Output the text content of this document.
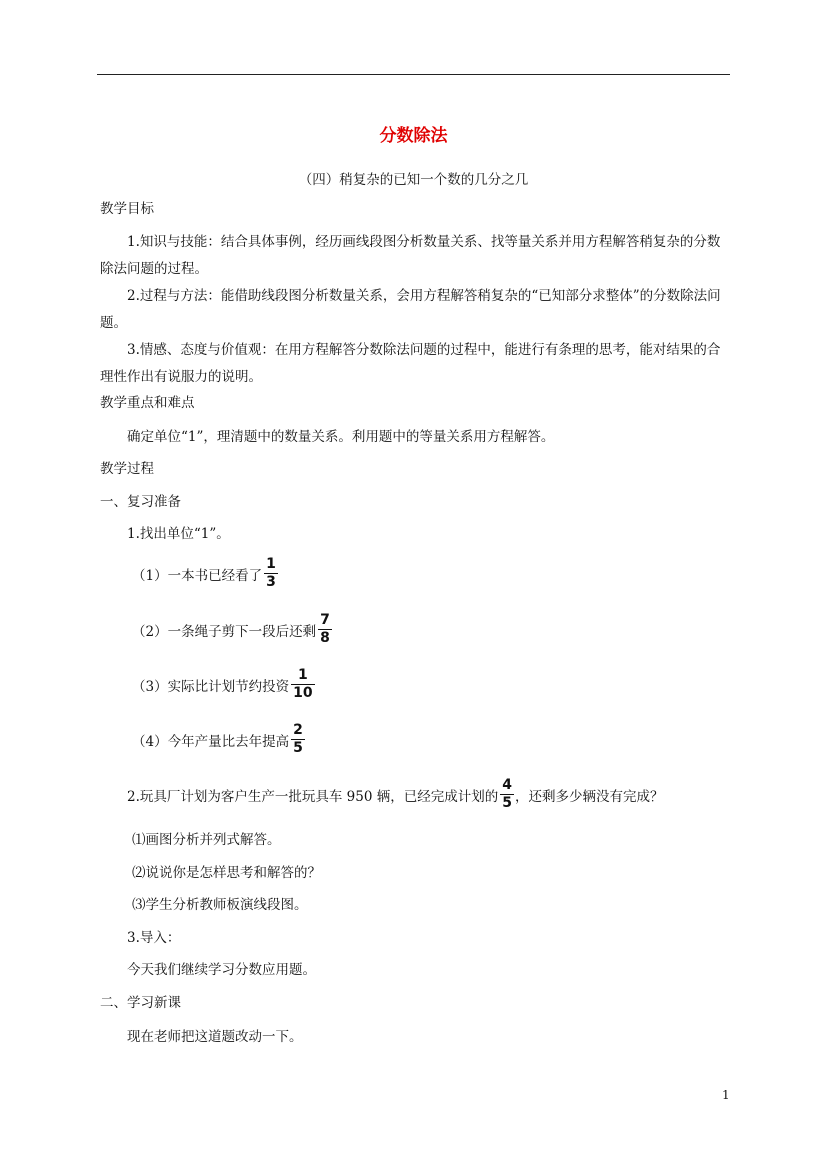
分数除法
（四）稍复杂的已知一个数的几分之几
教学目标
1.知识与技能：结合具体事例，经历画线段图分析数量关系、找等量关系并用方程解答稍复杂的分数除法问题的过程。
2.过程与方法：能借助线段图分析数量关系，会用方程解答稍复杂的“已知部分求整体”的分数除法问题。
3.情感、态度与价值观：在用方程解答分数除法问题的过程中，能进行有条理的思考，能对结果的合理性作出有说服力的说明。
教学重点和难点
确定单位“1”，理清题中的数量关系。利用题中的等量关系用方程解答。
教学过程
一、复习准备
1.找出单位“1”。
（1）一本书已经看了 $\frac{1}{3}$
（2）一条绳子剪下一段后还剩 $\frac{7}{8}$
（3）实际比计划节约投资 $\frac{1}{10}$
（4）今年产量比去年提高 $\frac{2}{5}$
2.玩具厂计划为客户生产一批玩具车 950 辆，已经完成计划的 $\frac{4}{5}$ ，还剩多少辆没有完成？
⑴画图分析并列式解答。
⑵说说你是怎样思考和解答的？
⑶学生分析教师板演线段图。
3.导入：
今天我们继续学习分数应用题。
二、学习新课
现在老师把这道题改动一下。
1
